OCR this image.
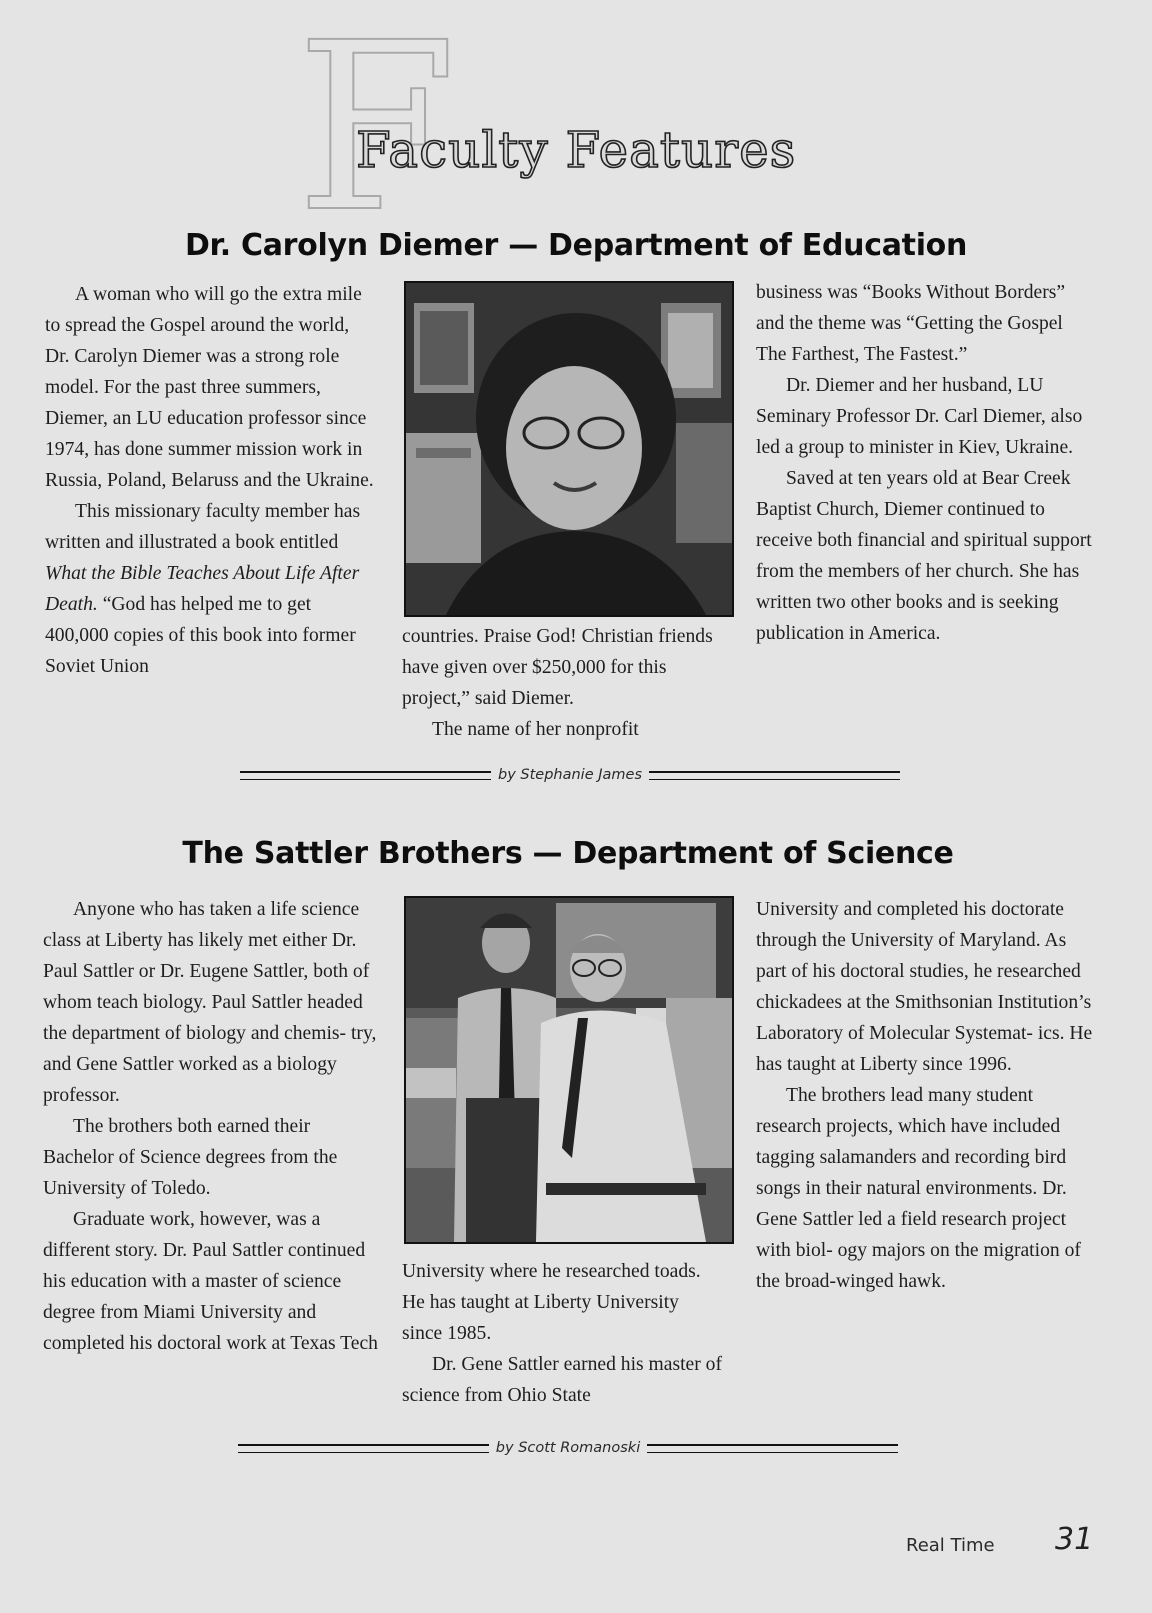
F
Faculty Features
Dr. Carolyn Diemer — Department of Education

A woman who will go the extra mile to spread the Gospel around the world, Dr. Carolyn Diemer was a strong role model. For the past three summers, Diemer, an LU education professor since 1974, has done summer mission work in Russia, Poland, Belaruss and the Ukraine.

This missionary faculty member has written and illustrated a book entitled What the Bible Teaches About Life After Death. “God has helped me to get 400,000 copies of this book into former Soviet Union

countries. Praise God! Christian friends have given over $250,000 for this project,” said Diemer.

The name of her nonprofit

business was “Books Without Borders” and the theme was “Getting the Gospel The Farthest, The Fastest.”

Dr. Diemer and her husband, LU Seminary Professor Dr. Carl Diemer, also led a group to minister in Kiev, Ukraine.

Saved at ten years old at Bear Creek Baptist Church, Diemer continued to receive both financial and spiritual support from the members of her church. She has written two other books and is seeking publication in America.

by Stephanie James
The Sattler Brothers — Department of Science

Anyone who has taken a life science class at Liberty has likely met either Dr. Paul Sattler or Dr. Eugene Sattler, both of whom teach biology. Paul Sattler headed the department of biology and chemis- try, and Gene Sattler worked as a biology professor.

The brothers both earned their Bachelor of Science degrees from the University of Toledo.

Graduate work, however, was a different story. Dr. Paul Sattler continued his education with a master of science degree from Miami University and completed his doctoral work at Texas Tech

University where he researched toads. He has taught at Liberty University since 1985.

Dr. Gene Sattler earned his master of science from Ohio State

University and completed his doctorate through the University of Maryland. As part of his doctoral studies, he researched chickadees at the Smithsonian Institution’s Laboratory of Molecular Systemat- ics. He has taught at Liberty since 1996.

The brothers lead many student research projects, which have included tagging salamanders and recording bird songs in their natural environments. Dr. Gene Sattler led a field research project with biol- ogy majors on the migration of the broad-winged hawk.

by Scott Romanoski
Real Time 31
